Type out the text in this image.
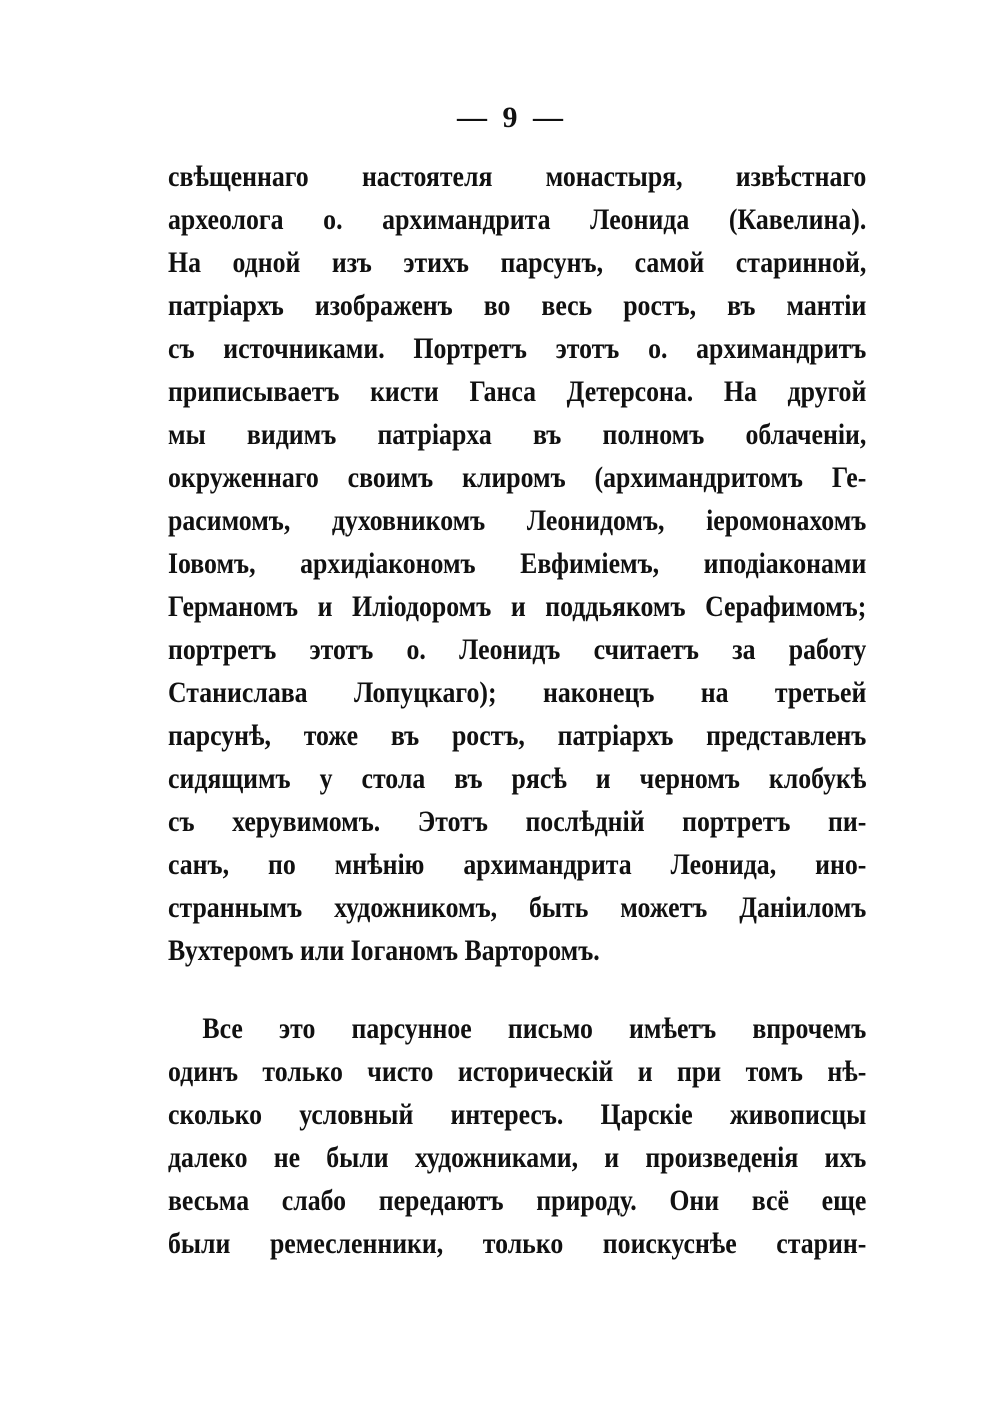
— 9 —
свѣщеннаго настоятеля монастыря, извѣстнаго
археолога о. архимандрита Леонида (Кавелина).
На одной изъ этихъ парсунъ, самой старинной,
патріархъ изображенъ во весь ростъ, въ мантіи
съ источниками. Портретъ этотъ о. архимандритъ
приписываетъ кисти Ганса Детерсона. На другой
мы видимъ патріарха въ полномъ облаченіи,
окруженнаго своимъ клиромъ (архимандритомъ Ге-
расимомъ, духовникомъ Леонидомъ, іеромонахомъ
Іовомъ, архидіакономъ Евфиміемъ, иподіаконами
Германомъ и Иліодоромъ и поддьякомъ Серафимомъ;
портретъ этотъ о. Леонидъ считаетъ за работу
Станислава Лопуцкаго); наконецъ на третьей
парсунѣ, тоже въ ростъ, патріархъ представленъ
сидящимъ у стола въ рясѣ и черномъ клобукѣ
съ херувимомъ. Этотъ послѣдній портретъ пи-
санъ, по мнѣнію архимандрита Леонида, ино-
страннымъ художникомъ, быть можетъ Даніиломъ
Вухтеромъ или Іоганомъ Варторомъ.
Все это парсунное письмо имѣетъ впрочемъ
одинъ только чисто историческій и при томъ нѣ-
сколько условный интересъ. Царскіе живописцы
далеко не были художниками, и произведенія ихъ
весьма слабо передаютъ природу. Они всё еще
были ремесленники, только поискуснѣе старин-
